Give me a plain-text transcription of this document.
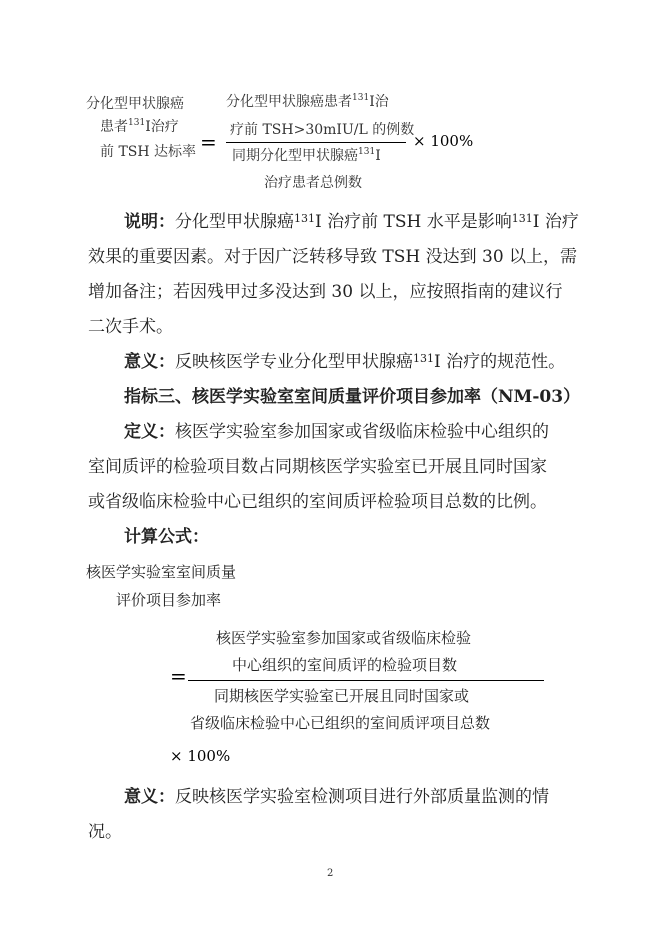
分化型甲状腺癌
患者$^{131}$I治疗
前 TSH 达标率 =
分化型甲状腺癌患者$^{131}$I治
疗前 TSH>30mIU/L 的例数
同期分化型甲状腺癌$^{131}$I
治疗患者总例数
× 100%
说明：分化型甲状腺癌$^{131}$I 治疗前 TSH 水平是影响$^{131}$I 治疗
效果的重要因素。对于因广泛转移导致 TSH 没达到 30 以上，需
增加备注；若因残甲过多没达到 30 以上，应按照指南的建议行
二次手术。
意义：反映核医学专业分化型甲状腺癌$^{131}$I 治疗的规范性。
指标三、核医学实验室室间质量评价项目参加率（NM-03）
定义：核医学实验室参加国家或省级临床检验中心组织的
室间质评的检验项目数占同期核医学实验室已开展且同时国家
或省级临床检验中心已组织的室间质评检验项目总数的比例。
计算公式：
核医学实验室室间质量
评价项目参加率
核医学实验室参加国家或省级临床检验
中心组织的室间质评的检验项目数
=
同期核医学实验室已开展且同时国家或
省级临床检验中心已组织的室间质评项目总数
× 100%
意义：反映核医学实验室检测项目进行外部质量监测的情
况。
2
